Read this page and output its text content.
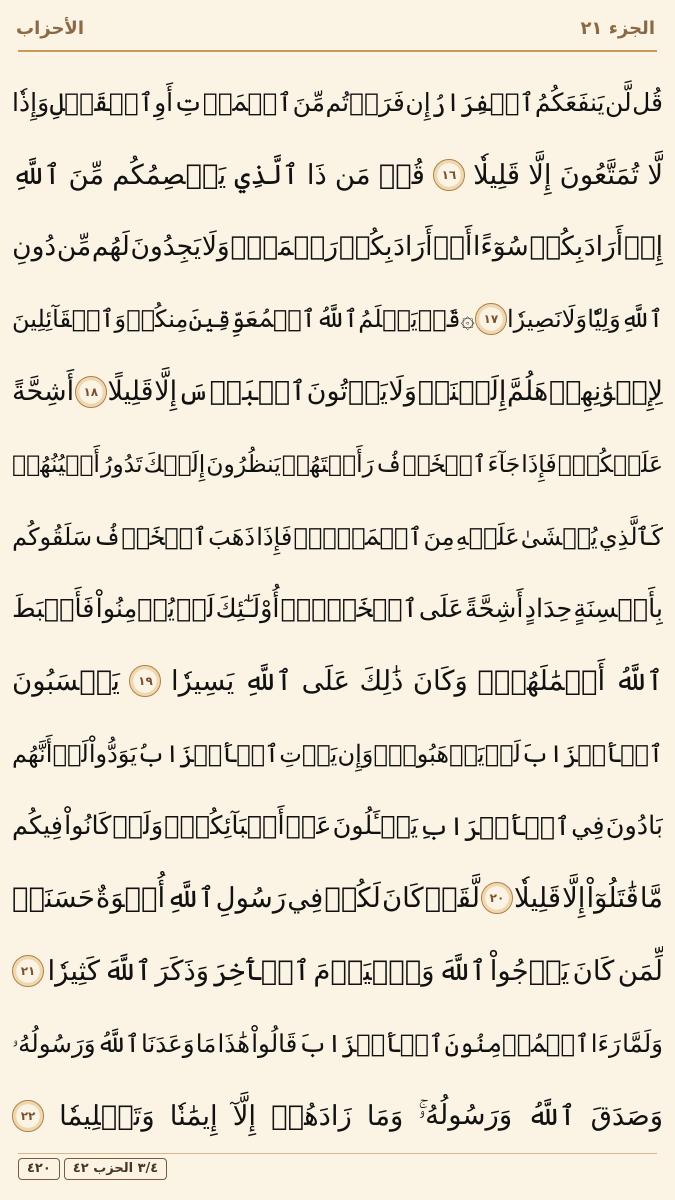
الجزء ٢١
الأحزاب
قُل
لَّن
يَنفَعَكُمُ
ٱلۡفِرَارُ
إِن
فَرَرۡتُم
مِّنَ
ٱلۡمَوۡتِ
أَوِ
ٱلۡقَتۡلِ
وَإِذٗا
لَّا
تُمَتَّعُونَ
إِلَّا
قَلِيلٗا
١٦
قُلۡ
مَن
ذَا
ٱلَّذِي
يَعۡصِمُكُم
مِّنَ
ٱللَّهِ
إِنۡ
أَرَادَ
بِكُمۡ
سُوٓءًا
أَوۡ
أَرَادَ
بِكُمۡ
رَحۡمَةٗۚ
وَلَا
يَجِدُونَ
لَهُم
مِّن
دُونِ
ٱللَّهِ
وَلِيّٗا
وَلَا
نَصِيرٗا
١٧
۞قَدۡ
يَعۡلَمُ
ٱللَّهُ
ٱلۡمُعَوِّقِينَ
مِنكُمۡ
وَٱلۡقَآئِلِينَ
لِإِخۡوَٰنِهِمۡ
هَلُمَّ
إِلَيۡنَاۖ
وَلَا
يَأۡتُونَ
ٱلۡبَأۡسَ
إِلَّا
قَلِيلًا
١٨
أَشِحَّةً
عَلَيۡكُمۡۖ
فَإِذَا
جَآءَ
ٱلۡخَوۡفُ
رَأَيۡتَهُمۡ
يَنظُرُونَ
إِلَيۡكَ
تَدُورُ
أَعۡيُنُهُمۡ
كَٱلَّذِي
يُغۡشَىٰ
عَلَيۡهِ
مِنَ
ٱلۡمَوۡتِۖ
فَإِذَا
ذَهَبَ
ٱلۡخَوۡفُ
سَلَقُوكُم
بِأَلۡسِنَةٍ
حِدَادٍ
أَشِحَّةً
عَلَى
ٱلۡخَيۡرِۚ
أُوْلَـٰٓئِكَ
لَمۡ
يُؤۡمِنُواْ
فَأَحۡبَطَ
ٱللَّهُ
أَعۡمَٰلَهُمۡۚ
وَكَانَ
ذَٰلِكَ
عَلَى
ٱللَّهِ
يَسِيرٗا
١٩
يَحۡسَبُونَ
ٱلۡأَحۡزَابَ
لَمۡ
يَذۡهَبُواْۖ
وَإِن
يَأۡتِ
ٱلۡأَحۡزَابُ
يَوَدُّواْ
لَوۡ
أَنَّهُم
بَادُونَ
فِي
ٱلۡأَعۡرَابِ
يَسۡـَٔلُونَ
عَنۡ
أَنۢبَآئِكُمۡۖ
وَلَوۡ
كَانُواْ
فِيكُم
مَّا
قَٰتَلُوٓاْ
إِلَّا
قَلِيلٗا
٢٠
لَّقَدۡ
كَانَ
لَكُمۡ
فِي
رَسُولِ
ٱللَّهِ
أُسۡوَةٌ
حَسَنَةٞ
لِّمَن
كَانَ
يَرۡجُواْ
ٱللَّهَ
وَٱلۡيَوۡمَ
ٱلۡأٓخِرَ
وَذَكَرَ
ٱللَّهَ
كَثِيرٗا
٢١
وَلَمَّا
رَءَا
ٱلۡمُؤۡمِنُونَ
ٱلۡأَحۡزَابَ
قَالُواْ
هَٰذَا
مَا
وَعَدَنَا
ٱللَّهُ
وَرَسُولُهُۥ
وَصَدَقَ
ٱللَّهُ
وَرَسُولُهُۥۚ
وَمَا
زَادَهُمۡ
إِلَّآ
إِيمَٰنٗا
وَتَسۡلِيمٗا
٢٢
٣/٤ الحزب ٤٢
٤٢٠
